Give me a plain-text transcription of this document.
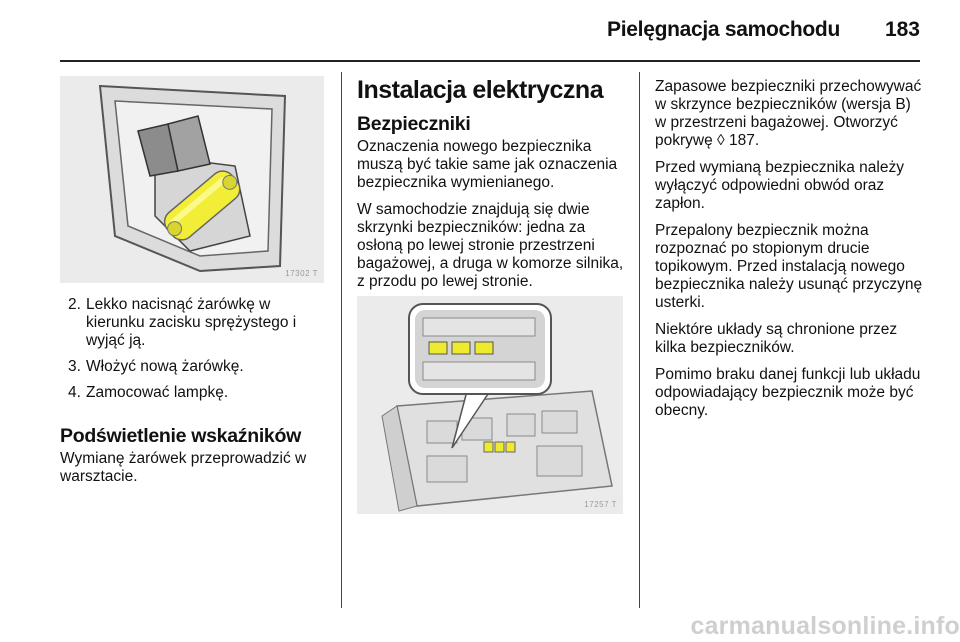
Pielęgnacja samochodu	183
17302 T
2. Lekko nacisnąć żarówkę w kierunku zacisku sprężystego i wyjąć ją.
3. Włożyć nową żarówkę.
4. Zamocować lampkę.
Podświetlenie wskaźników

Wymianę żarówek przeprowadzić w warsztacie.

Instalacja elektryczna
Bezpieczniki

Oznaczenia nowego bezpiecznika muszą być takie same jak oznaczenia bezpiecznika wymienianego.

W samochodzie znajdują się dwie skrzynki bezpieczników: jedna za osłoną po lewej stronie przestrzeni bagażowej, a druga w komorze silnika, z przodu po lewej stronie.

17257 T

Zapasowe bezpieczniki przechowywać w skrzynce bezpieczników (wersja B) w przestrzeni bagażowej. Otworzyć pokrywę ◊ 187.

Przed wymianą bezpiecznika należy wyłączyć odpowiedni obwód oraz zapłon.

Przepalony bezpiecznik można rozpoznać po stopionym drucie topikowym. Przed instalacją nowego bezpiecznika należy usunąć przyczynę usterki.

Niektóre układy są chronione przez kilka bezpieczników.

Pomimo braku danej funkcji lub układu odpowiadający bezpiecznik może być obecny.

carmanualsonline.info
